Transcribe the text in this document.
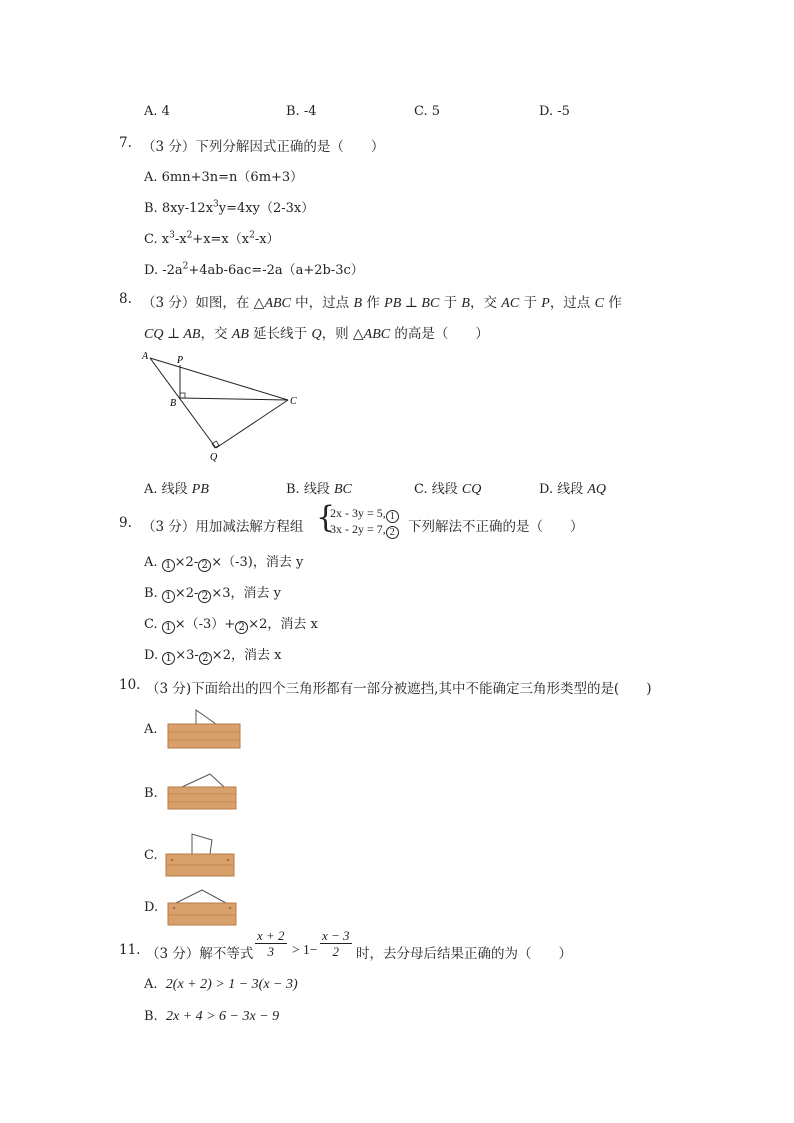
A. 4	B. -4	C. 5	D. -5
7. （3 分）下列分解因式正确的是（　　）
A. 6mn+3n=n（6m+3）
B. $8xy-12x^3y=4xy(2-3x)$
C. $x^3-x^2+x=x(x^2-x)$
D. $-2a^2+4ab-6ac=-2a(a+2b-3c)$
8. （3 分）如图，在 △ABC 中，过点 B 作 PB ⊥ BC 于 B，交 AC 于 P，过点 C 作
CQ ⊥ AB，交 AB 延长线于 Q，则 △ABC 的高是（　　）
A	P
B	C
Q
A. 线段 PB	B. 线段 BC	C. 线段 CQ	D. 线段 AQ
9. （3 分）用加减法解方程组 {
2x - 3y = 5, 1
3x - 2y = 7, 2 下列解法不正确的是（　　）
A. 1 ×2- 2 ×（-3)，消去 y
B. 1 ×2- 2 ×3，消去 y
C. 1 ×（-3）+ 2 ×2，消去 x
D. 1 ×3- 2 ×2，消去 x
10. （3 分)下面给出的四个三角形都有一部分被遮挡,其中不能确定三角形类型的是(　　)
A.
B.
C.
D.
11. （3 分）解不等式 $\frac{x + 2}{3} > 1- \frac{x - 3}{2}$ 时，去分母后结果正确的为（　　）
A. 2(x + 2) > 1 − 3(x − 3)
B. 2x + 4 > 6 − 3x − 9
